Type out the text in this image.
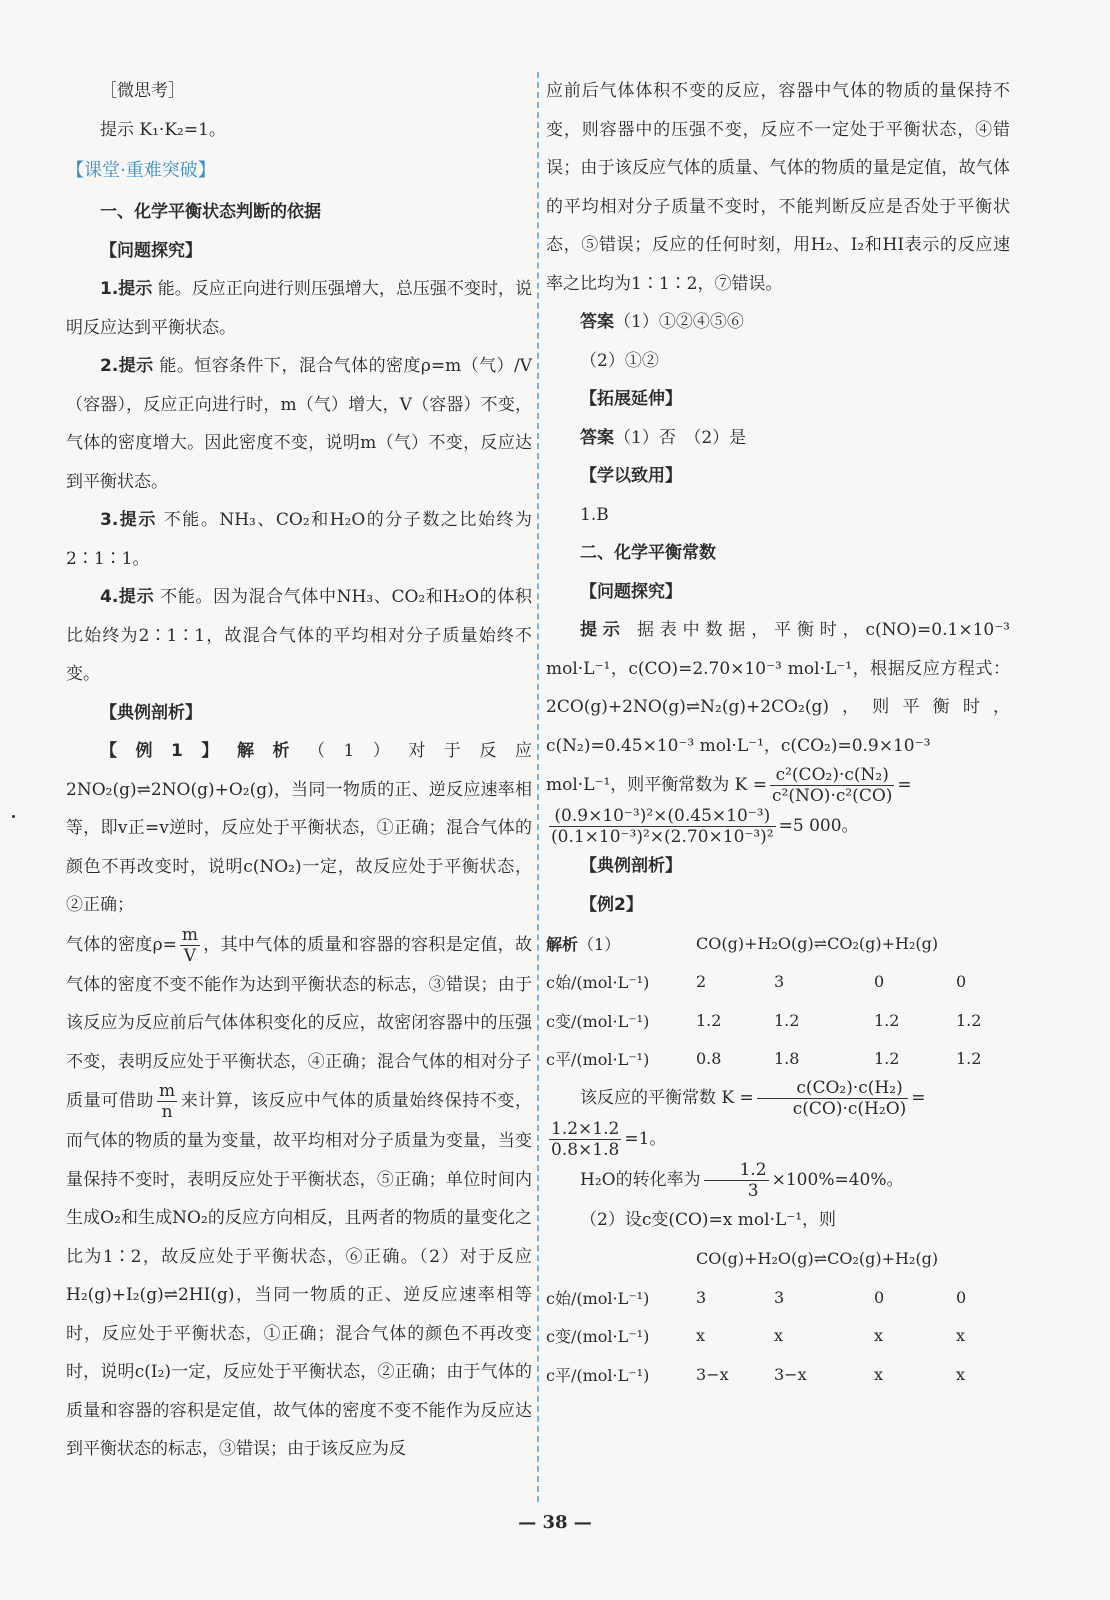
［微思考］

提示 K₁·K₂=1。

【课堂·重难突破】
一、化学平衡状态判断的依据
【问题探究】

1.提示 能。反应正向进行则压强增大，总压强不变时，说明反应达到平衡状态。

2.提示 能。恒容条件下，混合气体的密度ρ=m（气）/V（容器），反应正向进行时，m（气）增大，V（容器）不变，气体的密度增大。因此密度不变，说明m（气）不变，反应达到平衡状态。

3.提示 不能。NH₃、CO₂和H₂O的分子数之比始终为2∶1∶1。

4.提示 不能。因为混合气体中NH₃、CO₂和H₂O的体积比始终为2∶1∶1，故混合气体的平均相对分子质量始终不变。

【典例剖析】

【例1】解析（1）对于反应2NO₂(g)⇌2NO(g)+O₂(g)，当同一物质的正、逆反应速率相等，即v正=v逆时，反应处于平衡状态，①正确；混合气体的颜色不再改变时，说明c(NO₂)一定，故反应处于平衡状态，②正确；

气体的密度$\rho= \frac{m}{V}$ ，其中气体的质量和容器的容积是定值，故气体的密度不变不能作为达到平衡状态的标志，③错误；由于该反应为反应前后气体体积变化的反应，故密闭容器中的压强不变，表明反应处于平衡状态，④正确；混合气体的相对分子质量可借助 $\frac{m}{n}$ 来计算，该反应中气体的质量始终保持不变，而气体的物质的量为变量，故平均相对分子质量为变量，当变量保持不变时，表明反应处于平衡状态，⑤正确；单位时间内生成O₂和生成NO₂的反应方向相反，且两者的物质的量变化之比为1∶2，故反应处于平衡状态，⑥正确。（2）对于反应H₂(g)+I₂(g)⇌2HI(g)，当同一物质的正、逆反应速率相等时，反应处于平衡状态，①正确；混合气体的颜色不再改变时，说明c(I₂)一定，反应处于平衡状态，②正确；由于气体的质量和容器的容积是定值，故气体的密度不变不能作为反应达到平衡状态的标志，③错误；由于该反应为反

应前后气体体积不变的反应，容器中气体的物质的量保持不变，则容器中的压强不变，反应不一定处于平衡状态，④错误；由于该反应气体的质量、气体的物质的量是定值，故气体的平均相对分子质量不变时，不能判断反应是否处于平衡状态，⑤错误；反应的任何时刻，用H₂、I₂和HI表示的反应速率之比均为1∶1∶2，⑦错误。

答案（1）①②④⑤⑥

（2）①②

【拓展延伸】

答案（1）否　（2）是

【学以致用】

1.B

二、化学平衡常数
【问题探究】

提示 据表中数据，平衡时，c(NO)=0.1×10⁻³ mol·L⁻¹，c(CO)=2.70×10⁻³ mol·L⁻¹，根据反应方程式：2CO(g)+2NO(g)⇌N₂(g)+2CO₂(g)，则平衡时，c(N₂)=0.45×10⁻³ mol·L⁻¹，c(CO₂)=0.9×10⁻³

mol·L⁻¹，则平衡常数为 $K = \frac{\text{c²(CO₂)·c(N₂)}}{\text{c²(NO)·c²(CO)}}$ =

$\frac{\text{(0.9×10⁻³)²×(0.45×10⁻³)}}{\text{(0.1×10⁻³)²×(2.70×10⁻³)²}} =5$ 000。

【典例剖析】
【例2】
解析（1）	CO(g)+H₂O(g)⇌CO₂(g)+H₂(g)			
c始/(mol·L⁻¹)	2	3	0	0
c变/(mol·L⁻¹)	1.2	1.2	1.2	1.2
c平/(mol·L⁻¹)	0.8	1.8	1.2	1.2

该反应的平衡常数 $K = \frac{\text{c(CO₂)·c(H₂)}}{\text{c(CO)·c(H₂O)}}$ =

$\frac{1.2\times 1.2}{0.8\times 1.8} =1$。

H₂O的转化率为 $\frac{1.2}{3} \times 100\%=40\%$。

（2）设c变(CO)=x mol·L⁻¹，则

	CO(g)+H₂O(g)⇌CO₂(g)+H₂(g)			
c始/(mol·L⁻¹)	3	3	0	0
c变/(mol·L⁻¹)	x	x	x	x
c平/(mol·L⁻¹)	3−x	3−x	x	x
— 38 —
